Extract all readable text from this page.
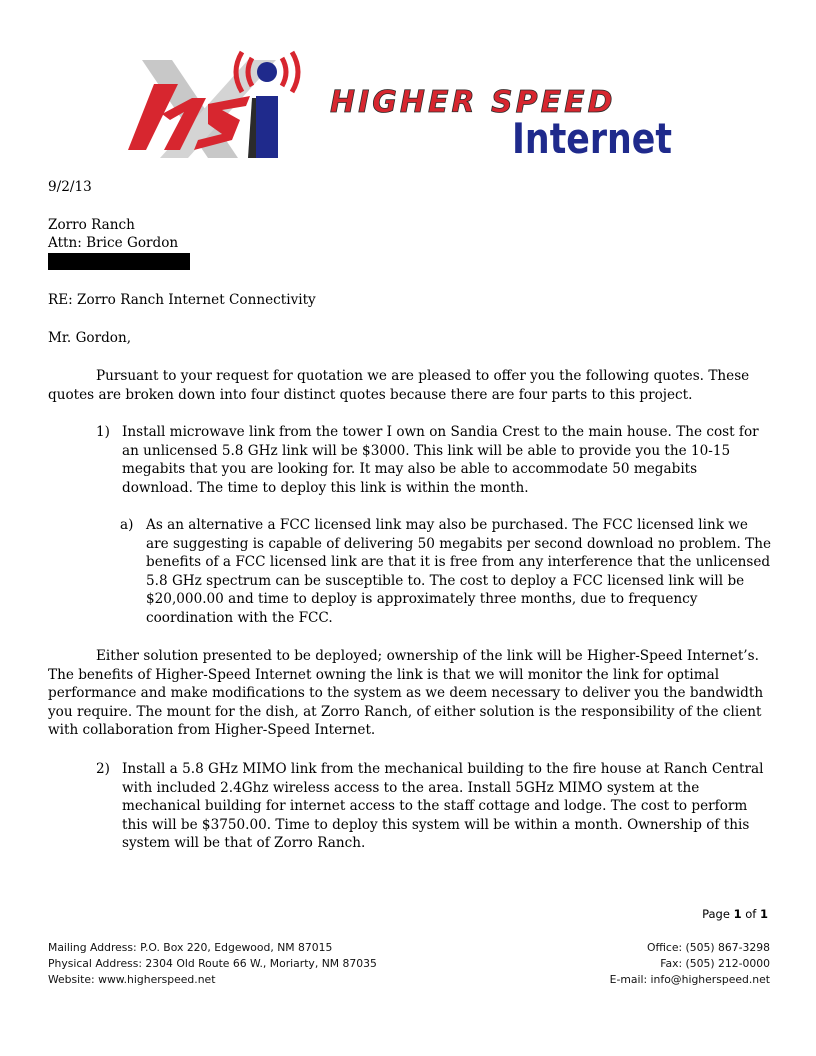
HIGHER SPEED
Internet
9/2/13
Zorro Ranch
Attn: Brice Gordon
RE: Zorro Ranch Internet Connectivity
Mr. Gordon,

Pursuant to your request for quotation we are pleased to offer you the following quotes. These quotes are broken down into four distinct quotes because there are four parts to this project.

1) Install microwave link from the tower I own on Sandia Crest to the main house. The cost for an unlicensed 5.8 GHz link will be $3000. This link will be able to provide you the 10-15 megabits that you are looking for. It may also be able to accommodate 50 megabits download. The time to deploy this link is within the month.
a) As an alternative a FCC licensed link may also be purchased. The FCC licensed link we are suggesting is capable of delivering 50 megabits per second download no problem. The benefits of a FCC licensed link are that it is free from any interference that the unlicensed 5.8 GHz spectrum can be susceptible to. The cost to deploy a FCC licensed link will be $20,000.00 and time to deploy is approximately three months, due to frequency coordination with the FCC.

Either solution presented to be deployed; ownership of the link will be Higher-Speed Internet’s. The benefits of Higher-Speed Internet owning the link is that we will monitor the link for optimal performance and make modifications to the system as we deem necessary to deliver you the bandwidth you require. The mount for the dish, at Zorro Ranch, of either solution is the responsibility of the client with collaboration from Higher-Speed Internet.

2) Install a 5.8 GHz MIMO link from the mechanical building to the fire house at Ranch Central with included 2.4Ghz wireless access to the area. Install 5GHz MIMO system at the mechanical building for internet access to the staff cottage and lodge. The cost to perform this will be $3750.00. Time to deploy this system will be within a month. Ownership of this system will be that of Zorro Ranch.
Page 1 of 1
Mailing Address: P.O. Box 220, Edgewood, NM 87015	Office: (505) 867-3298
Physical Address: 2304 Old Route 66 W., Moriarty, NM 87035	Fax: (505) 212-0000
Website: www.higherspeed.net	E-mail: info@higherspeed.net
